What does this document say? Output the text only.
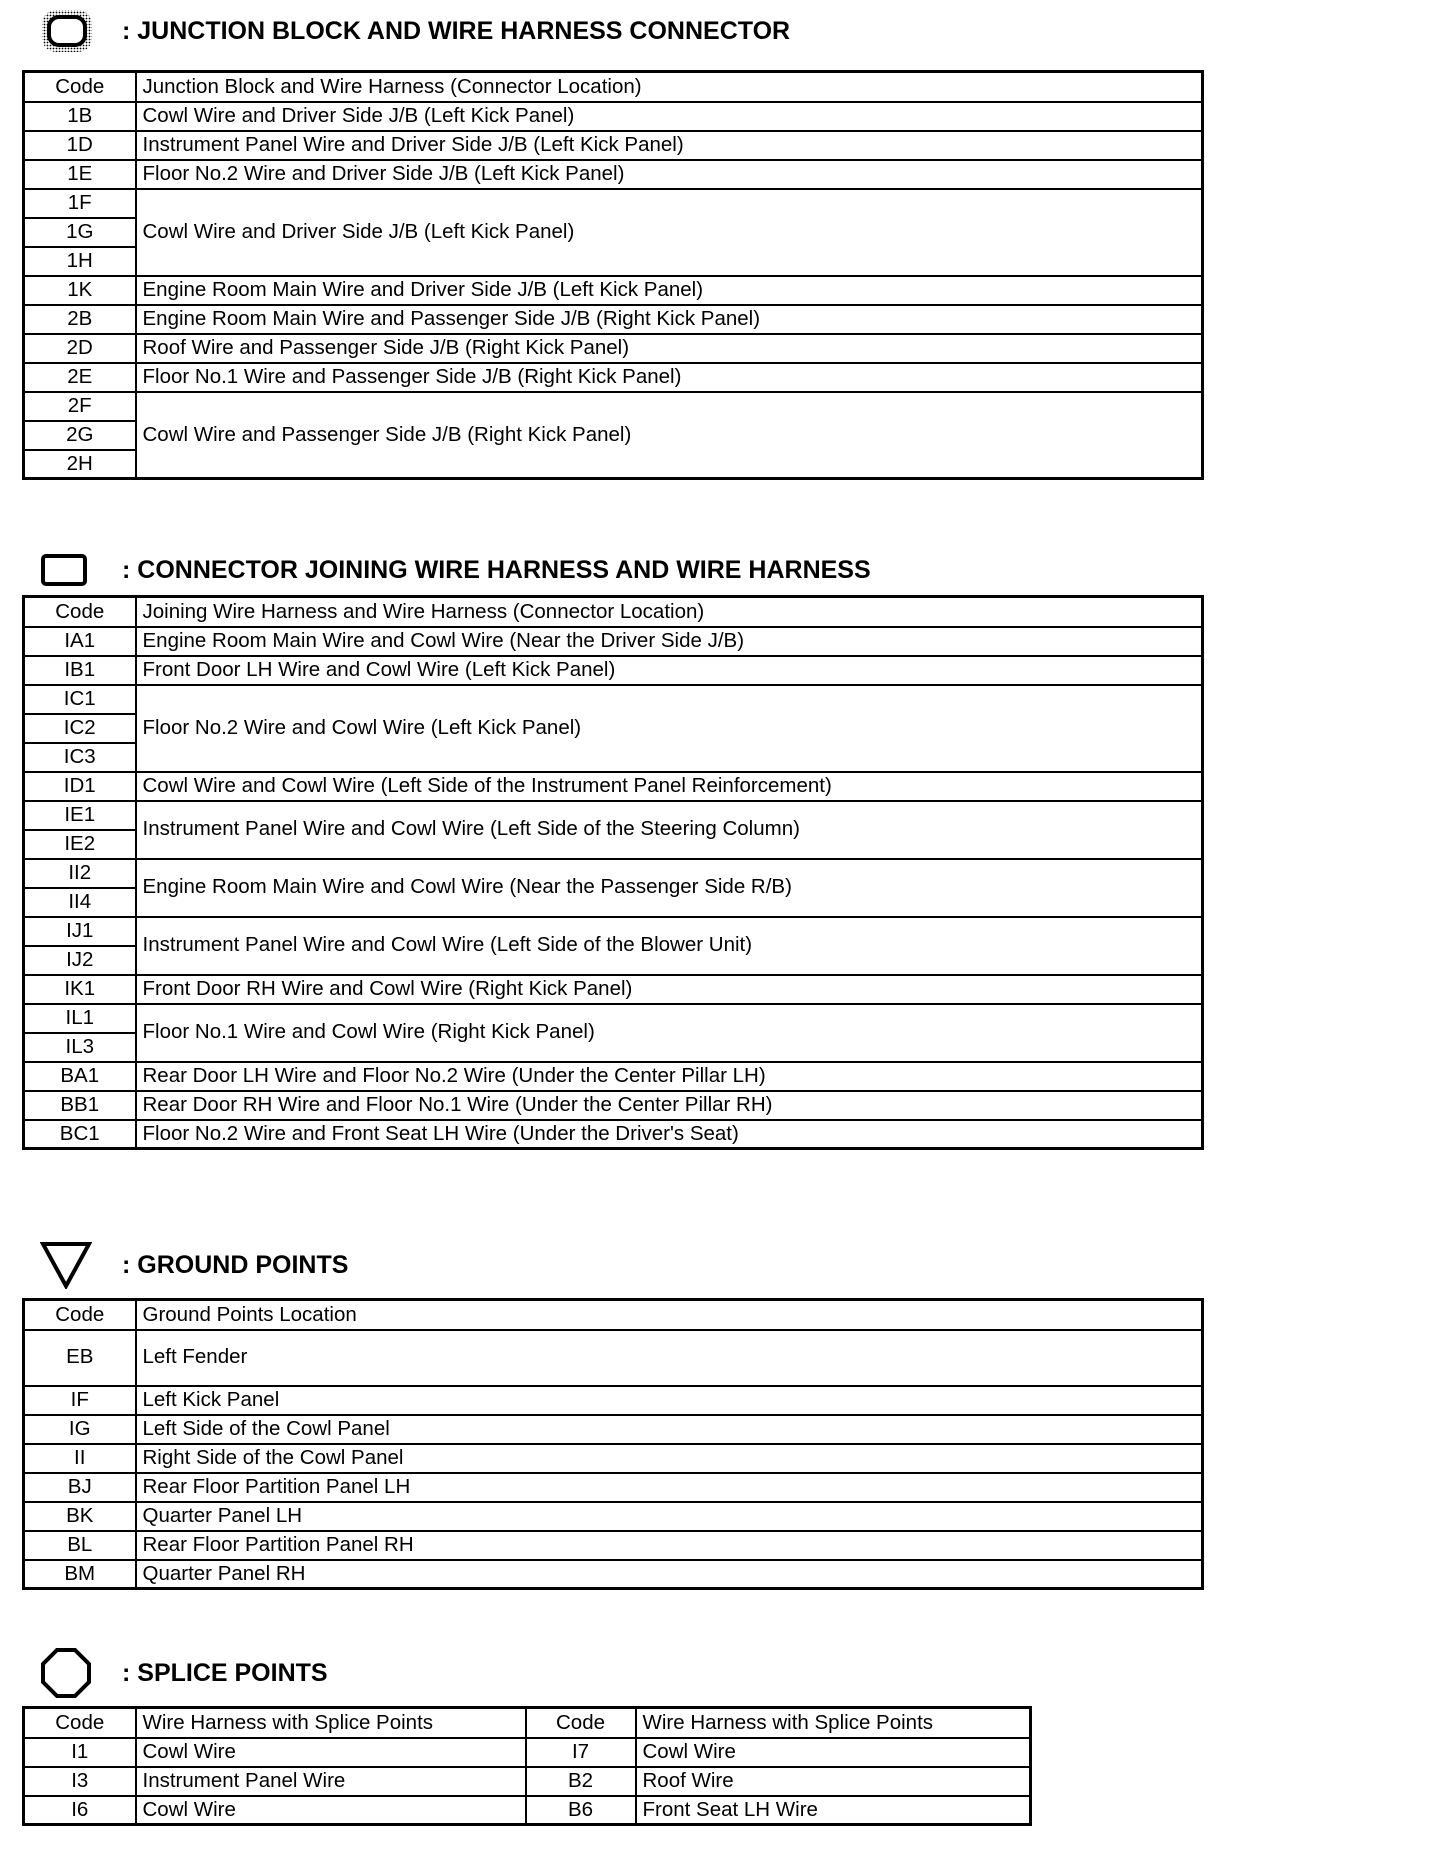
: JUNCTION BLOCK AND WIRE HARNESS CONNECTOR
Code	Junction Block and Wire Harness (Connector Location)
1B	Cowl Wire and Driver Side J/B (Left Kick Panel)
1D	Instrument Panel Wire and Driver Side J/B (Left Kick Panel)
1E	Floor No.2 Wire and Driver Side J/B (Left Kick Panel)
1F	Cowl Wire and Driver Side J/B (Left Kick Panel)
1G	
1H	
1K	Engine Room Main Wire and Driver Side J/B (Left Kick Panel)
2B	Engine Room Main Wire and Passenger Side J/B (Right Kick Panel)
2D	Roof Wire and Passenger Side J/B (Right Kick Panel)
2E	Floor No.1 Wire and Passenger Side J/B (Right Kick Panel)
2F	Cowl Wire and Passenger Side J/B (Right Kick Panel)
2G	
2H	
: CONNECTOR JOINING WIRE HARNESS AND WIRE HARNESS
Code	Joining Wire Harness and Wire Harness (Connector Location)
IA1	Engine Room Main Wire and Cowl Wire (Near the Driver Side J/B)
IB1	Front Door LH Wire and Cowl Wire (Left Kick Panel)
IC1	Floor No.2 Wire and Cowl Wire (Left Kick Panel)
IC2	
IC3	
ID1	Cowl Wire and Cowl Wire (Left Side of the Instrument Panel Reinforcement)
IE1	Instrument Panel Wire and Cowl Wire (Left Side of the Steering Column)
IE2	
II2	Engine Room Main Wire and Cowl Wire (Near the Passenger Side R/B)
II4	
IJ1	Instrument Panel Wire and Cowl Wire (Left Side of the Blower Unit)
IJ2	
IK1	Front Door RH Wire and Cowl Wire (Right Kick Panel)
IL1	Floor No.1 Wire and Cowl Wire (Right Kick Panel)
IL3	
BA1	Rear Door LH Wire and Floor No.2 Wire (Under the Center Pillar LH)
BB1	Rear Door RH Wire and Floor No.1 Wire (Under the Center Pillar RH)
BC1	Floor No.2 Wire and Front Seat LH Wire (Under the Driver's Seat)
: GROUND POINTS
Code	Ground Points Location
EB	Left Fender
IF	Left Kick Panel
IG	Left Side of the Cowl Panel
II	Right Side of the Cowl Panel
BJ	Rear Floor Partition Panel LH
BK	Quarter Panel LH
BL	Rear Floor Partition Panel RH
BM	Quarter Panel RH
: SPLICE POINTS
Code	Wire Harness with Splice Points	Code	Wire Harness with Splice Points
I1	Cowl Wire	I7	Cowl Wire
I3	Instrument Panel Wire	B2	Roof Wire
I6	Cowl Wire	B6	Front Seat LH Wire
